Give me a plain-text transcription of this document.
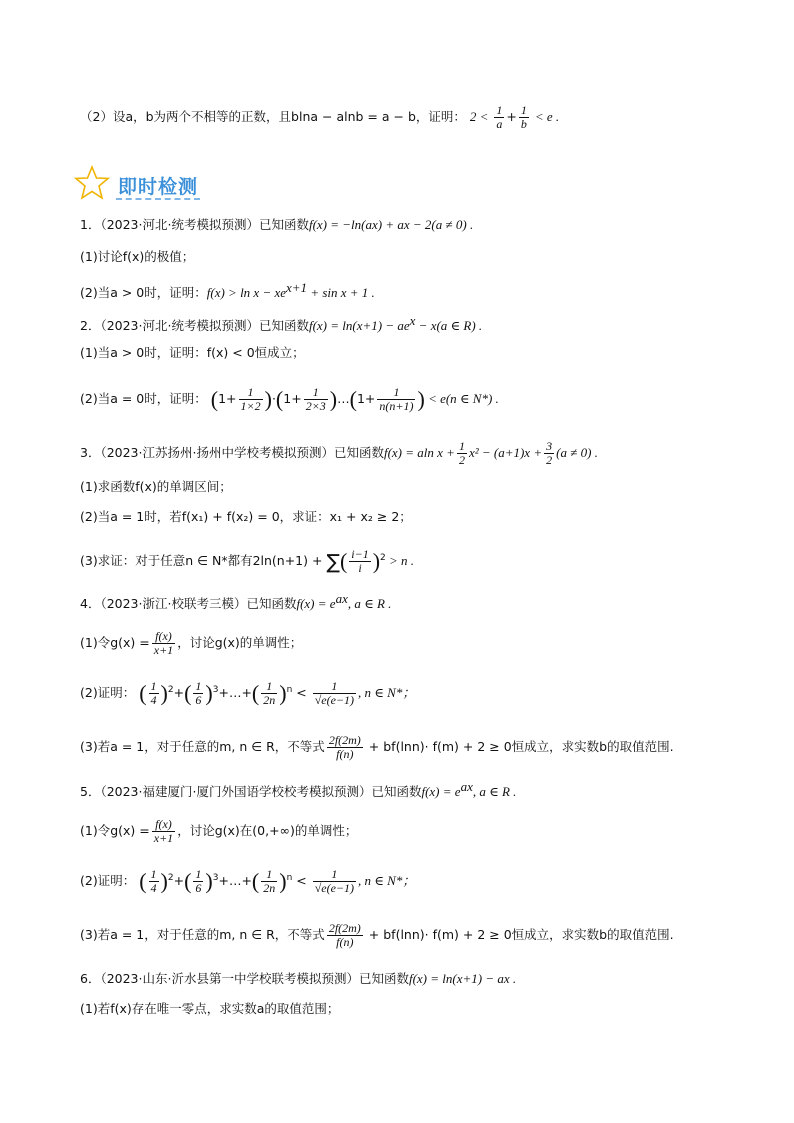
（2）设a，b为两个不相等的正数，且blna − alnb = a − b，证明： $2 < \frac{1}{a} + \frac{1}{b} < e$ .
即时检测
1．（2023·河北·统考模拟预测）已知函数f(x) = −ln(ax) + ax − 2(a ≠ 0) .
(1)讨论f(x)的极值；
(2)当a > 0时，证明：$f(x) > \ln x - xe^{x+1} + \sin x + 1$ .
2．（2023·河北·统考模拟预测）已知函数$f(x) = \ln(x+1) - ae^x - x(a$ ∈ R) .
(1)当a > 0时，证明：f(x) < 0恒成立；
(2)当a = 0时，证明： $(1+ \frac{1}{1\times 2} )\cdot(1+ \frac{1}{2\times 3}$ )…(1+ $\frac{1}{n(n+1)}$ ) < e(n ∈ N*) .
3．（2023·江苏扬州·扬州中学校考模拟预测）已知函数f(x) = aln $x + \frac{1}{2} x^2 - (a+1)x + \frac{3}{2} (a \ne 0)$ .
(1)求函数f(x)的单调区间；
(2)当a = 1时，若f(x₁) + f(x₂) = 0，求证：x₁ + x₂ ≥ 2；
(3)求证：对于任意n ∈ N*都有2ln(n+1) + ∑( $\frac{i-1}{i} )^2 > n$ .
4．（2023·浙江·校联考三模）已知函数$f(x) = e^{ax}$, a ∈ R .
(1)令$g(x) = \frac{f(x)}{x+1}$ ，讨论g(x)的单调性；
(2)证明： ( $\frac{1}{4} )^2+( \frac{1}{6}$ )$^3+\dots+( \frac{1}{2n} )^n < \frac{1}{√e(e-1)}$ , n ∈ N*；
(3)若a = 1，对于任意的m, n ∈ R，不等式 $\frac{2f(2m)}{f(n)} + bf(\ln n)\cdot f(m) + 2 \ge 0$恒成立，求实数b的取值范围.
5．（2023·福建厦门·厦门外国语学校校考模拟预测）已知函数$f(x) = e^{ax}$, a ∈ R .
(1)令$g(x) = \frac{f(x)}{x+1}$ ，讨论g(x)在(0,+∞)的单调性；
(2)证明： ( $\frac{1}{4} )^2+( \frac{1}{6}$ )$^3+\dots+( \frac{1}{2n} )^n < \frac{1}{√e(e-1)}$ , n ∈ N*；
(3)若a = 1，对于任意的m, n ∈ R，不等式 $\frac{2f(2m)}{f(n)} + bf(\ln n)\cdot f(m) + 2 \ge 0$恒成立，求实数b的取值范围.
6．（2023·山东·沂水县第一中学校联考模拟预测）已知函数f(x) = ln(x+1) − ax .
(1)若f(x)存在唯一零点，求实数a的取值范围；
